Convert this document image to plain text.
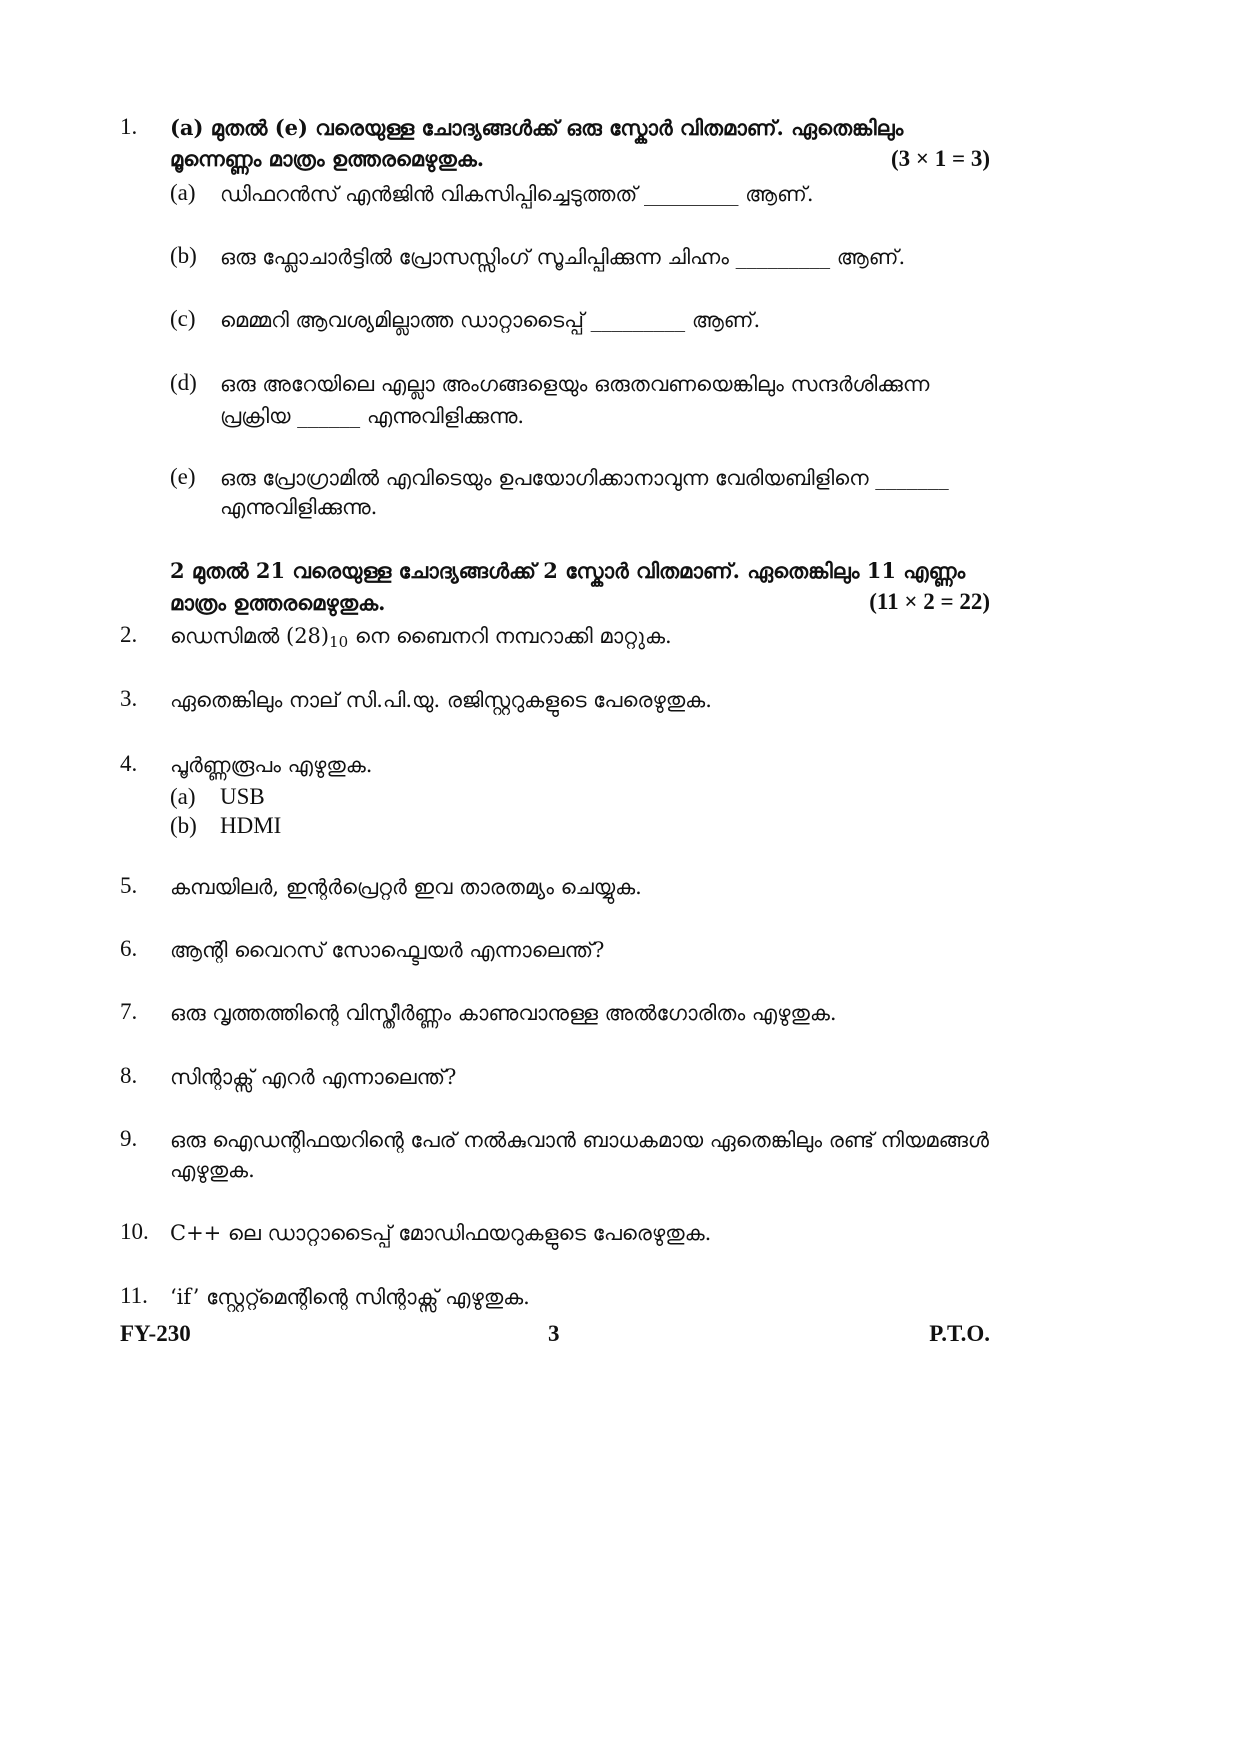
1. (a) മുതൽ (e) വരെയുള്ള ചോദ്യങ്ങൾക്ക് ഒരു സ്കോർ വിതമാണ്. ഏതെങ്കിലും
മൂന്നെണ്ണം മാത്രം ഉത്തരമെഴുതുക.	(3 × 1 = 3)
(a) ഡിഫറൻസ് എൻജിൻ വികസിപ്പിച്ചെടുത്തത് _________ ആണ്.
(b) ഒരു ഫ്ലോചാർട്ടിൽ പ്രോസസ്സിംഗ് സൂചിപ്പിക്കുന്ന ചിഹ്നം _________ ആണ്.
(c) മെമ്മറി ആവശ്യമില്ലാത്ത ഡാറ്റാടൈപ്പ് _________ ആണ്.
(d) ഒരു അറേയിലെ എല്ലാ അംഗങ്ങളെയും ഒരുതവണയെങ്കിലും സന്ദർശിക്കുന്ന
പ്രക്രിയ ______ എന്നുവിളിക്കുന്നു.
(e) ഒരു പ്രോഗ്രാമിൽ എവിടെയും ഉപയോഗിക്കാനാവുന്ന വേരിയബിളിനെ _______
എന്നുവിളിക്കുന്നു.
2 മുതൽ 21 വരെയുള്ള ചോദ്യങ്ങൾക്ക് 2 സ്കോർ വിതമാണ്. ഏതെങ്കിലും 11 എണ്ണം
മാത്രം ഉത്തരമെഴുതുക.	(11 × 2 = 22)
2. ഡെസിമൽ $(28)_{10}$ നെ ബൈനറി നമ്പറാക്കി മാറ്റുക.
3. ഏതെങ്കിലും നാല് സി.പി.യു. രജിസ്റ്ററുകളുടെ പേരെഴുതുക.
4. പൂർണ്ണരൂപം എഴുതുക.
(a) USB
(b) HDMI
5. കമ്പയിലർ, ഇന്റർപ്രെറ്റർ ഇവ താരതമ്യം ചെയ്യുക.
6. ആന്റി വൈറസ് സോഫ്ട്വെയർ എന്നാലെന്ത്?
7. ഒരു വൃത്തത്തിന്റെ വിസ്തീർണ്ണം കാണുവാനുള്ള അൽഗോരിതം എഴുതുക.
8. സിന്റാക്സ് എറർ എന്നാലെന്ത്?
9. ഒരു ഐഡന്റിഫയറിന്റെ പേര് നൽകുവാൻ ബാധകമായ ഏതെങ്കിലും രണ്ട് നിയമങ്ങൾ
എഴുതുക.
10. C++ ലെ ഡാറ്റാടൈപ്പ് മോഡിഫയറുകളുടെ പേരെഴുതുക.
11. ‘if’ സ്റ്റേറ്റ്മെന്റിന്റെ സിന്റാക്സ് എഴുതുക.
FY-230	3	P.T.O.
